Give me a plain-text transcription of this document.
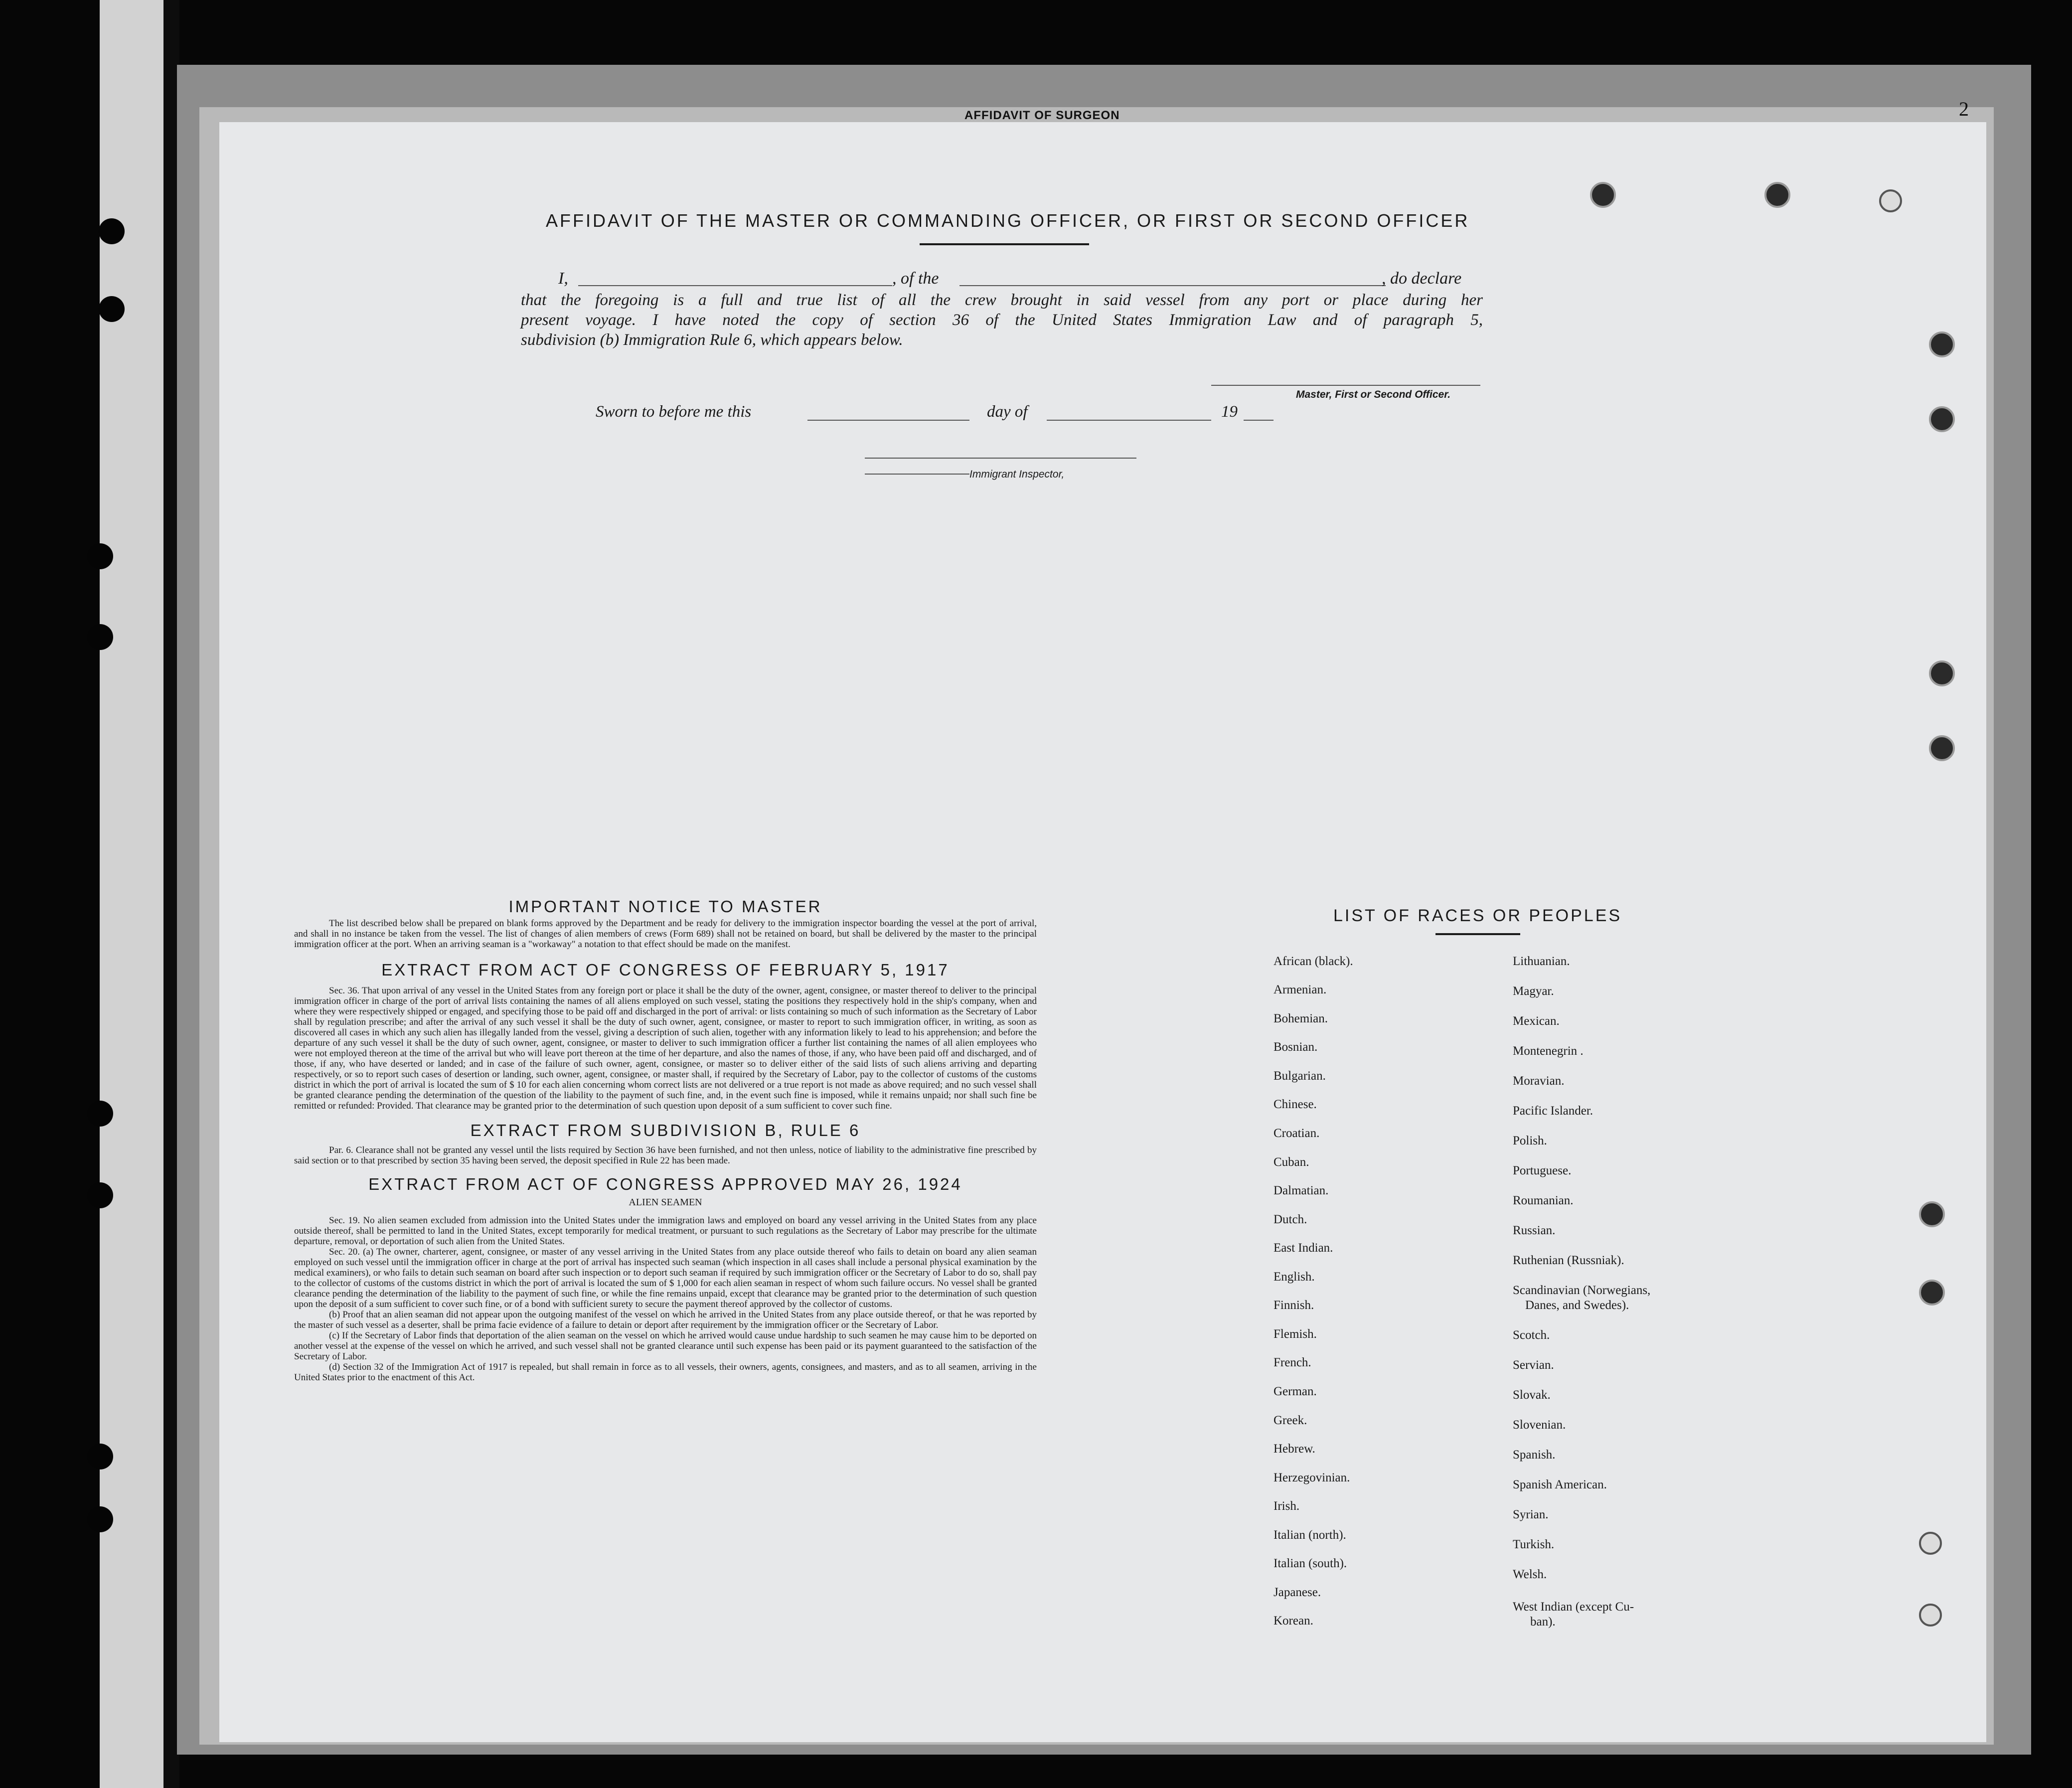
AFFIDAVIT OF SURGEON	2
AFFIDAVIT OF THE MASTER OR COMMANDING OFFICER, OR FIRST OR SECOND OFFICER
I,	, of the	, do declare
that the foregoing is a full and true list of all the crew brought in said vessel from any port or place during her
present voyage. I have noted the copy of section 36 of the United States Immigration Law and of paragraph 5,
subdivision (b) Immigration Rule 6, which appears below.
Master, First or Second Officer.
Sworn to before me this	day of	19
Immigrant Inspector,
IMPORTANT NOTICE TO MASTER

The list described below shall be prepared on blank forms approved by the Department and be ready for delivery to the immigration inspector boarding the vessel at the port of arrival, and shall in no instance be taken from the vessel. The list of changes of alien members of crews (Form 689) shall not be retained on board, but shall be delivered by the master to the principal immigration officer at the port. When an arriving seaman is a "workaway" a notation to that effect should be made on the manifest.

EXTRACT FROM ACT OF CONGRESS OF FEBRUARY 5, 1917

Sec. 36. That upon arrival of any vessel in the United States from any foreign port or place it shall be the duty of the owner, agent, consignee, or master thereof to deliver to the principal immigration officer in charge of the port of arrival lists containing the names of all aliens employed on such vessel, stating the positions they respectively hold in the ship's company, when and where they were respectively shipped or engaged, and specifying those to be paid off and discharged in the port of arrival: or lists containing so much of such information as the Secretary of Labor shall by regulation prescribe; and after the arrival of any such vessel it shall be the duty of such owner, agent, consignee, or master to report to such immigration officer, in writing, as soon as discovered all cases in which any such alien has illegally landed from the vessel, giving a description of such alien, together with any information likely to lead to his apprehension; and before the departure of any such vessel it shall be the duty of such owner, agent, consignee, or master to deliver to such immigration officer a further list containing the names of all alien employees who were not employed thereon at the time of the arrival but who will leave port thereon at the time of her departure, and also the names of those, if any, who have been paid off and discharged, and of those, if any, who have deserted or landed; and in case of the failure of such owner, agent, consignee, or master so to deliver either of the said lists of such aliens arriving and departing respectively, or so to report such cases of desertion or landing, such owner, agent, consignee, or master shall, if required by the Secretary of Labor, pay to the collector of customs of the customs district in which the port of arrival is located the sum of $ 10 for each alien concerning whom correct lists are not delivered or a true report is not made as above required; and no such vessel shall be granted clearance pending the determination of the question of the liability to the payment of such fine, and, in the event such fine is imposed, while it remains unpaid; nor shall such fine be remitted or refunded: Provided. That clearance may be granted prior to the determination of such question upon deposit of a sum sufficient to cover such fine.

EXTRACT FROM SUBDIVISION B, RULE 6

Par. 6. Clearance shall not be granted any vessel until the lists required by Section 36 have been furnished, and not then unless, notice of liability to the administrative fine prescribed by said section or to that prescribed by section 35 having been served, the deposit specified in Rule 22 has been made.

EXTRACT FROM ACT OF CONGRESS APPROVED MAY 26, 1924
ALIEN SEAMEN

Sec. 19. No alien seamen excluded from admission into the United States under the immigration laws and employed on board any vessel arriving in the United States from any place outside thereof, shall be permitted to land in the United States, except temporarily for medical treatment, or pursuant to such regulations as the Secretary of Labor may prescribe for the ultimate departure, removal, or deportation of such alien from the United States.

Sec. 20. (a) The owner, charterer, agent, consignee, or master of any vessel arriving in the United States from any place outside thereof who fails to detain on board any alien seaman employed on such vessel until the immigration officer in charge at the port of arrival has inspected such seaman (which inspection in all cases shall include a personal physical examination by the medical examiners), or who fails to detain such seaman on board after such inspection or to deport such seaman if required by such immigration officer or the Secretary of Labor to do so, shall pay to the collector of customs of the customs district in which the port of arrival is located the sum of $ 1,000 for each alien seaman in respect of whom such failure occurs. No vessel shall be granted clearance pending the determination of the liability to the payment of such fine, or while the fine remains unpaid, except that clearance may be granted prior to the determination of such question upon the deposit of a sum sufficient to cover such fine, or of a bond with sufficient surety to secure the payment thereof approved by the collector of customs.

(b) Proof that an alien seaman did not appear upon the outgoing manifest of the vessel on which he arrived in the United States from any place outside thereof, or that he was reported by the master of such vessel as a deserter, shall be prima facie evidence of a failure to detain or deport after requirement by the immigration officer or the Secretary of Labor.

(c) If the Secretary of Labor finds that deportation of the alien seaman on the vessel on which he arrived would cause undue hardship to such seamen he may cause him to be deported on another vessel at the expense of the vessel on which he arrived, and such vessel shall not be granted clearance until such expense has been paid or its payment guaranteed to the satisfaction of the Secretary of Labor.

(d) Section 32 of the Immigration Act of 1917 is repealed, but shall remain in force as to all vessels, their owners, agents, consignees, and masters, and as to all seamen, arriving in the United States prior to the enactment of this Act.

LIST OF RACES OR PEOPLES
African (black).
Armenian.
Bohemian.
Bosnian.
Bulgarian.
Chinese.
Croatian.
Cuban.
Dalmatian.
Dutch.
East Indian.
English.
Finnish.
Flemish.
French.
German.
Greek.
Hebrew.
Herzegovinian.
Irish.
Italian (north).
Italian (south).
Japanese.
Korean.
Lithuanian.
Magyar.
Mexican.
Montenegrin .
Moravian.
Pacific Islander.
Polish.
Portuguese.
Roumanian.
Russian.
Ruthenian (Russniak).
Scandinavian (Norwegians,
Danes, and Swedes).
Scotch.
Servian.
Slovak.
Slovenian.
Spanish.
Spanish American.
Syrian.
Turkish.
Welsh.
West Indian (except Cu-
ban).
